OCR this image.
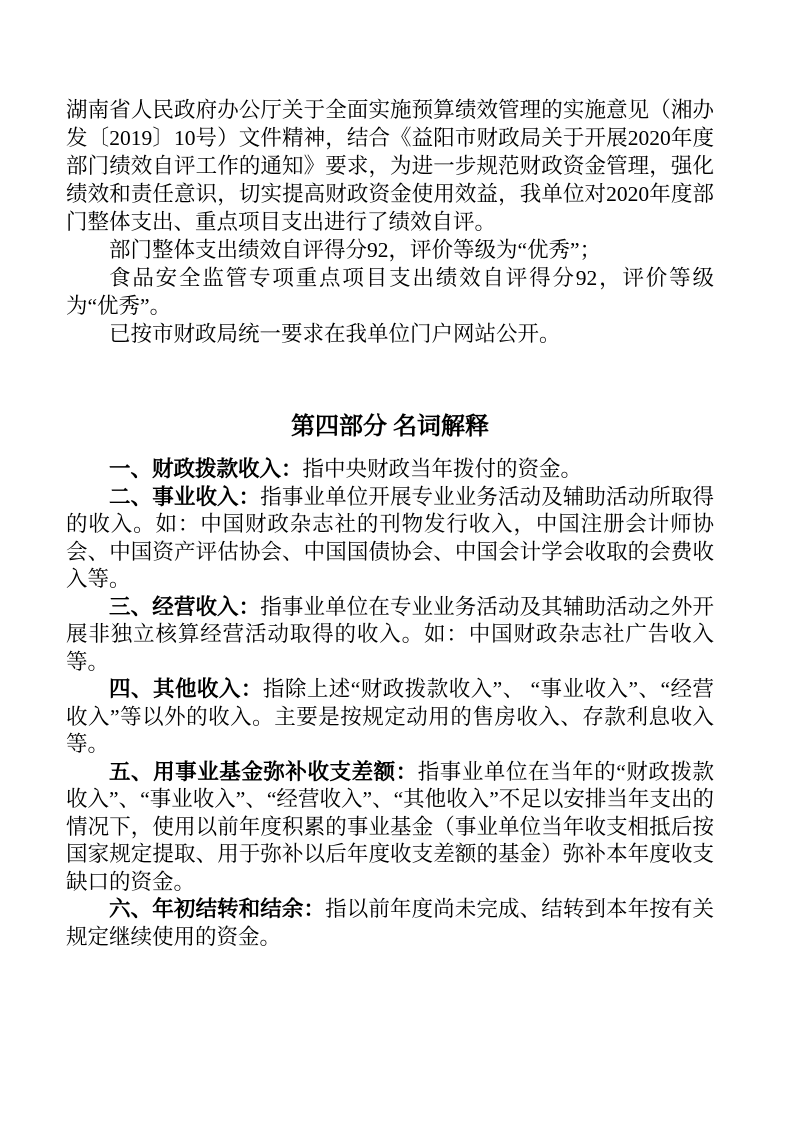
湖南省人民政府办公厅关于全面实施预算绩效管理的实施意见（湘办发〔2019〕10号）文件精神，结合《益阳市财政局关于开展2020年度部门绩效自评工作的通知》要求，为进一步规范财政资金管理，强化绩效和责任意识，切实提高财政资金使用效益，我单位对2020年度部门整体支出、重点项目支出进行了绩效自评。

部门整体支出绩效自评得分92，评价等级为“优秀”；

食品安全监管专项重点项目支出绩效自评得分92，评价等级为“优秀”。

已按市财政局统一要求在我单位门户网站公开。

第四部分 名词解释

一、财政拨款收入：指中央财政当年拨付的资金。

二、事业收入：指事业单位开展专业业务活动及辅助活动所取得的收入。如：中国财政杂志社的刊物发行收入，中国注册会计师协会、中国资产评估协会、中国国债协会、中国会计学会收取的会费收入等。

三、经营收入：指事业单位在专业业务活动及其辅助活动之外开展非独立核算经营活动取得的收入。如：中国财政杂志社广告收入等。

四、其他收入：指除上述“财政拨款收入”、 “事业收入”、“经营收入”等以外的收入。主要是按规定动用的售房收入、存款利息收入等。

五、用事业基金弥补收支差额：指事业单位在当年的“财政拨款收入”、“事业收入”、“经营收入”、“其他收入”不足以安排当年支出的情况下，使用以前年度积累的事业基金（事业单位当年收支相抵后按国家规定提取、用于弥补以后年度收支差额的基金）弥补本年度收支缺口的资金。

六、年初结转和结余：指以前年度尚未完成、结转到本年按有关规定继续使用的资金。
